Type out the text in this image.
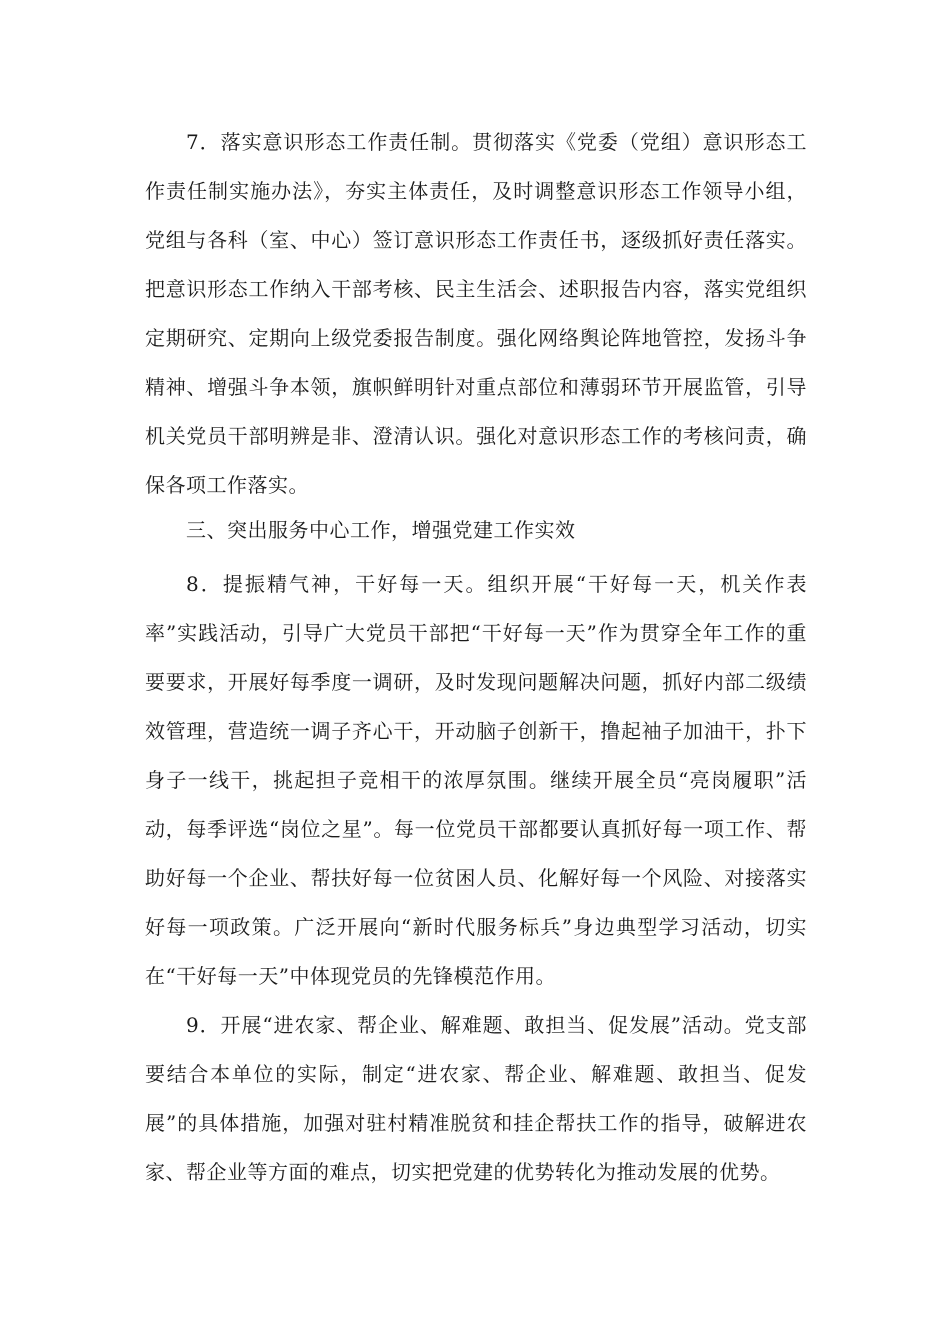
7．落实意识形态工作责任制。贯彻落实《党委（党组）意识形态工作责任制实施办法》，夯实主体责任，及时调整意识形态工作领导小组，党组与各科（室、中心）签订意识形态工作责任书，逐级抓好责任落实。把意识形态工作纳入干部考核、民主生活会、述职报告内容，落实党组织定期研究、定期向上级党委报告制度。强化网络舆论阵地管控，发扬斗争精神、增强斗争本领，旗帜鲜明针对重点部位和薄弱环节开展监管，引导机关党员干部明辨是非、澄清认识。强化对意识形态工作的考核问责，确保各项工作落实。

三、突出服务中心工作，增强党建工作实效

8．提振精气神，干好每一天。组织开展“干好每一天，机关作表率”实践活动，引导广大党员干部把“干好每一天”作为贯穿全年工作的重要要求，开展好每季度一调研，及时发现问题解决问题，抓好内部二级绩效管理，营造统一调子齐心干，开动脑子创新干，撸起袖子加油干，扑下身子一线干，挑起担子竞相干的浓厚氛围。继续开展全员“亮岗履职”活动，每季评选“岗位之星”。每一位党员干部都要认真抓好每一项工作、帮助好每一个企业、帮扶好每一位贫困人员、化解好每一个风险、对接落实好每一项政策。广泛开展向“新时代服务标兵”身边典型学习活动，切实在“干好每一天”中体现党员的先锋模范作用。

9．开展“进农家、帮企业、解难题、敢担当、促发展”活动。党支部要结合本单位的实际，制定“进农家、帮企业、解难题、敢担当、促发展”的具体措施，加强对驻村精准脱贫和挂企帮扶工作的指导，破解进农家、帮企业等方面的难点，切实把党建的优势转化为推动发展的优势。
